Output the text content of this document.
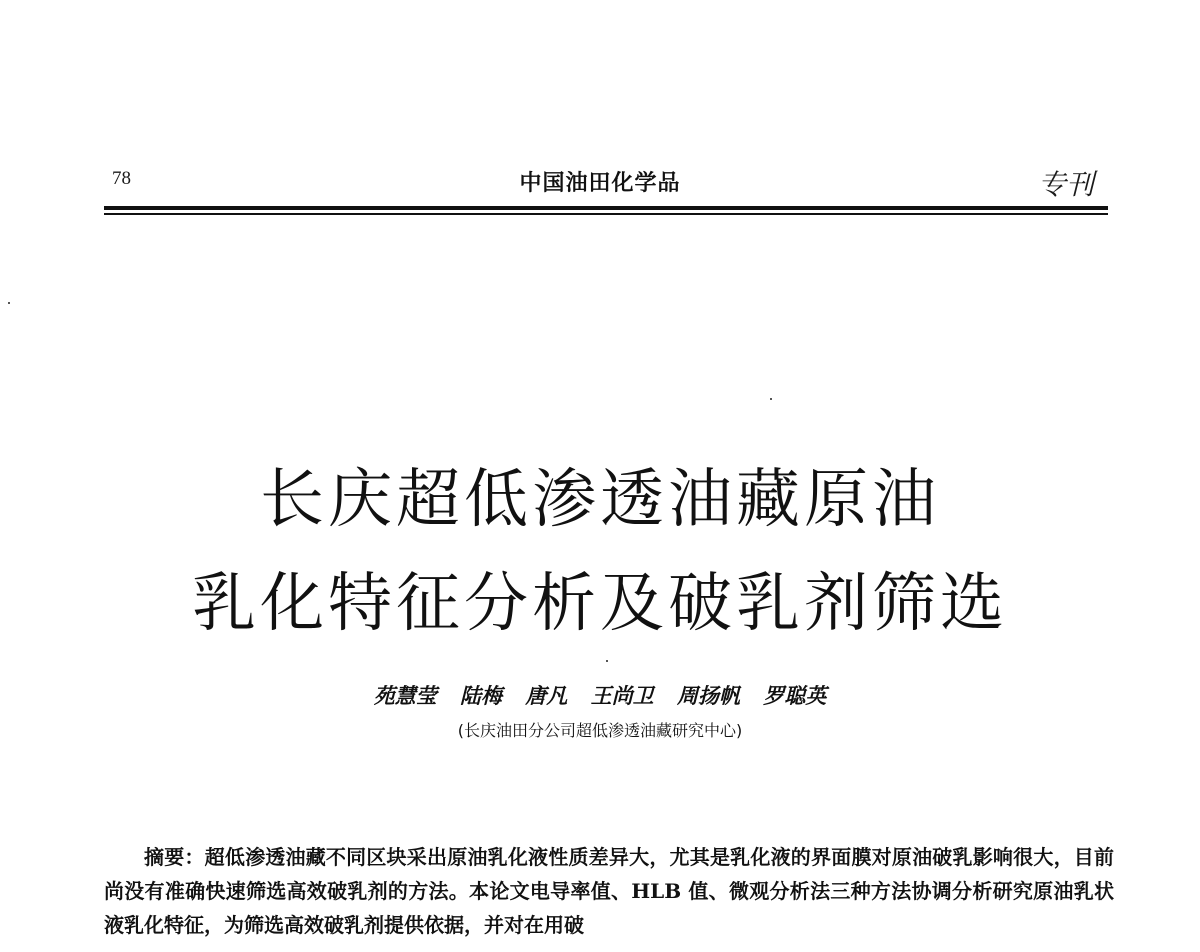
78	中国油田化学品	专刊
长庆超低渗透油藏原油
乳化特征分析及破乳剂筛选
苑慧莹 陆梅 唐凡 王尚卫 周扬帆 罗聪英
(长庆油田分公司超低渗透油藏研究中心)
摘要：超低渗透油藏不同区块采出原油乳化液性质差异大，尤其是乳化液的界面膜对原油破乳影响很大，目前尚没有准确快速筛选高效破乳剂的方法。本论文电导率值、HLB 值、微观分析法三种方法协调分析研究原油乳状液乳化特征，为筛选高效破乳剂提供依据，并对在用破
